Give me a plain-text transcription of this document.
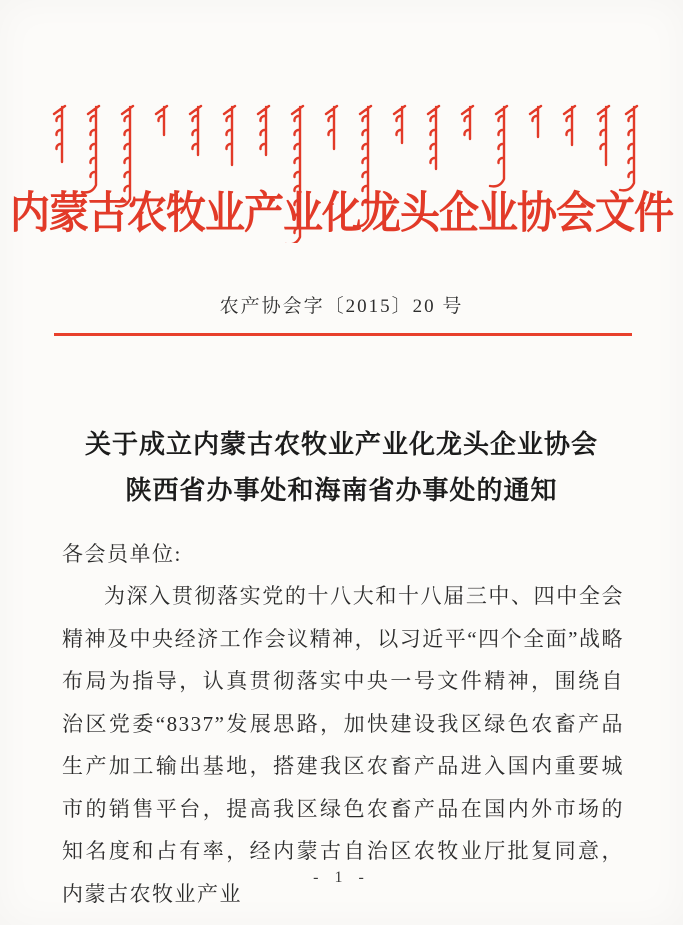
内蒙古农牧业产业化龙头企业协会文件
农产协会字〔2015〕20 号
关于成立内蒙古农牧业产业化龙头企业协会
陕西省办事处和海南省办事处的通知

各会员单位:

为深入贯彻落实党的十八大和十八届三中、四中全会精神及中央经济工作会议精神，以习近平“四个全面”战略布局为指导，认真贯彻落实中央一号文件精神，围绕自治区党委“8337”发展思路，加快建设我区绿色农畜产品生产加工输出基地，搭建我区农畜产品进入国内重要城市的销售平台，提高我区绿色农畜产品在国内外市场的知名度和占有率，经内蒙古自治区农牧业厅批复同意，内蒙古农牧业产业

- 1 -
